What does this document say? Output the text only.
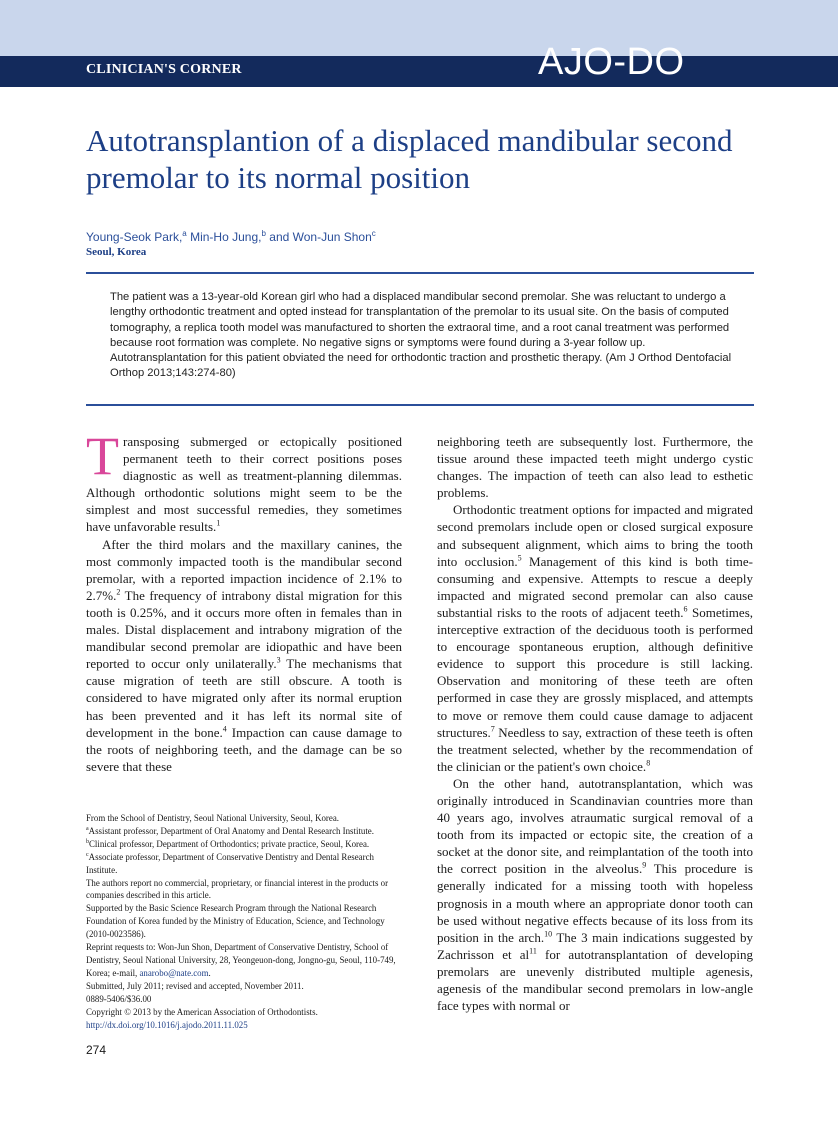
CLINICIAN'S CORNER	AJO-DO
Autotransplantion of a displaced mandibular second premolar to its normal position
Young-Seok Park,$^a$ Min-Ho Jung,$^b$ and Won-Jun Shon$^c$
Seoul, Korea

The patient was a 13-year-old Korean girl who had a displaced mandibular second premolar. She was reluctant to undergo a lengthy orthodontic treatment and opted instead for transplantation of the premolar to its usual site. On the basis of computed tomography, a replica tooth model was manufactured to shorten the extraoral time, and a root canal treatment was performed because root formation was complete. No negative signs or symptoms were found during a 3-year follow up. Autotransplantation for this patient obviated the need for orthodontic traction and prosthetic therapy. (Am J Orthod Dentofacial Orthop 2013;143:274-80)

Transposing submerged or ectopically positioned permanent teeth to their correct positions poses diagnostic as well as treatment-planning dilemmas. Although orthodontic solutions might seem to be the simplest and most successful remedies, they sometimes have unfavorable results.$^1$

After the third molars and the maxillary canines, the most commonly impacted tooth is the mandibular second premolar, with a reported impaction incidence of 2.1% to 2.7%.$^2$ The frequency of intrabony distal migration for this tooth is 0.25%, and it occurs more often in females than in males. Distal displacement and intrabony migration of the mandibular second premolar are idiopathic and have been reported to occur only unilaterally.$^3$ The mechanisms that cause migration of teeth are still obscure. A tooth is considered to have migrated only after its normal eruption has been prevented and it has left its normal site of development in the bone.$^4$ Impaction can cause damage to the roots of neighboring teeth, and the damage can be so severe that these

neighboring teeth are subsequently lost. Furthermore, the tissue around these impacted teeth might undergo cystic changes. The impaction of teeth can also lead to esthetic problems.

Orthodontic treatment options for impacted and migrated second premolars include open or closed surgical exposure and subsequent alignment, which aims to bring the tooth into occlusion.$^5$ Management of this kind is both time-consuming and expensive. Attempts to rescue a deeply impacted and migrated second premolar can also cause substantial risks to the roots of adjacent teeth.$^6$ Sometimes, interceptive extraction of the deciduous tooth is performed to encourage spontaneous eruption, although definitive evidence to support this procedure is still lacking. Observation and monitoring of these teeth are often performed in case they are grossly misplaced, and attempts to move or remove them could cause damage to adjacent structures.$^7$ Needless to say, extraction of these teeth is often the treatment selected, whether by the recommendation of the clinician or the patient's own choice.$^8$

On the other hand, autotransplantation, which was originally introduced in Scandinavian countries more than 40 years ago, involves atraumatic surgical removal of a tooth from its impacted or ectopic site, the creation of a socket at the donor site, and reimplantation of the tooth into the correct position in the alveolus.$^9$ This procedure is generally indicated for a missing tooth with hopeless prognosis in a mouth where an appropriate donor tooth can be used without negative effects because of its loss from its position in the arch.$^{10}$ The 3 main indications suggested by Zachrisson et $al^{11}$ for autotransplantation of developing premolars are unevenly distributed multiple agenesis, agenesis of the mandibular second premolars in low-angle face types with normal or

From the School of Dentistry, Seoul National University, Seoul, Korea.
$^a$Assistant professor, Department of Oral Anatomy and Dental Research Institute.
$^b$Clinical professor, Department of Orthodontics; private practice, Seoul, Korea.
$^c$Associate professor, Department of Conservative Dentistry and Dental Research Institute.
The authors report no commercial, proprietary, or financial interest in the products or companies described in this article.
Supported by the Basic Science Research Program through the National Research Foundation of Korea funded by the Ministry of Education, Science, and Technology (2010-0023586).
Reprint requests to: Won-Jun Shon, Department of Conservative Dentistry, School of Dentistry, Seoul National University, 28, Yeongeuon-dong, Jongno-gu, Seoul, 110-749, Korea; e-mail, anarobo@nate.com.
Submitted, July 2011; revised and accepted, November 2011.
0889-5406/$36.00
Copyright © 2013 by the American Association of Orthodontists.
http://dx.doi.org/10.1016/j.ajodo.2011.11.025
274
